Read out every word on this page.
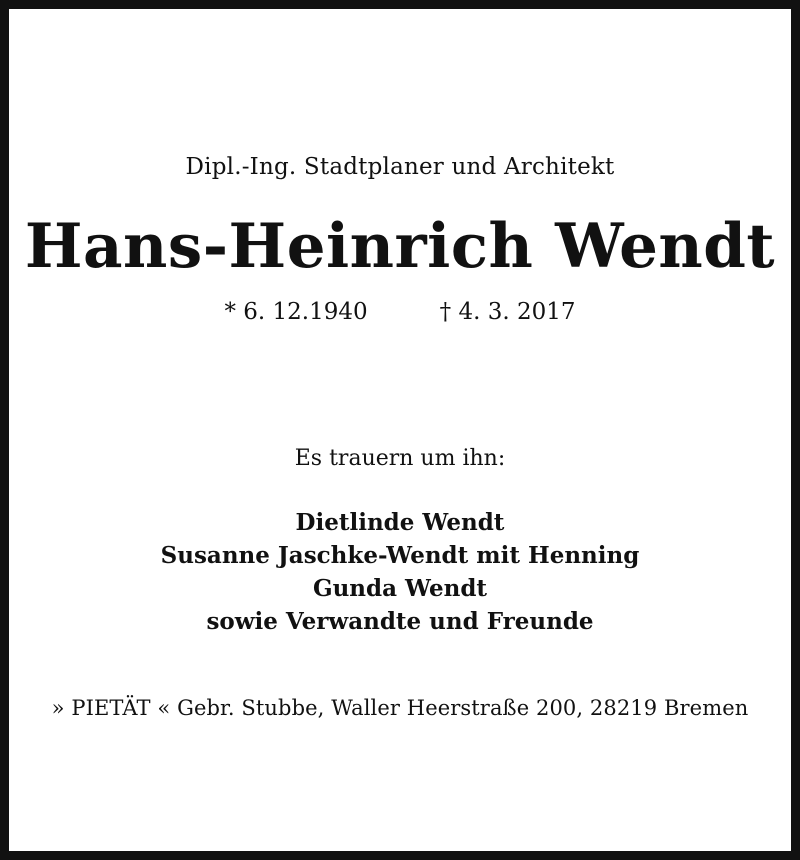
Dipl.-Ing. Stadtplaner und Architekt
Hans-Heinrich Wendt
* 6. 12.1940	† 4. 3. 2017
Es trauern um ihn:
Dietlinde Wendt
Susanne Jaschke-Wendt mit Henning
Gunda Wendt
sowie Verwandte und Freunde
» PIETÄT « Gebr. Stubbe, Waller Heerstraße 200, 28219 Bremen
